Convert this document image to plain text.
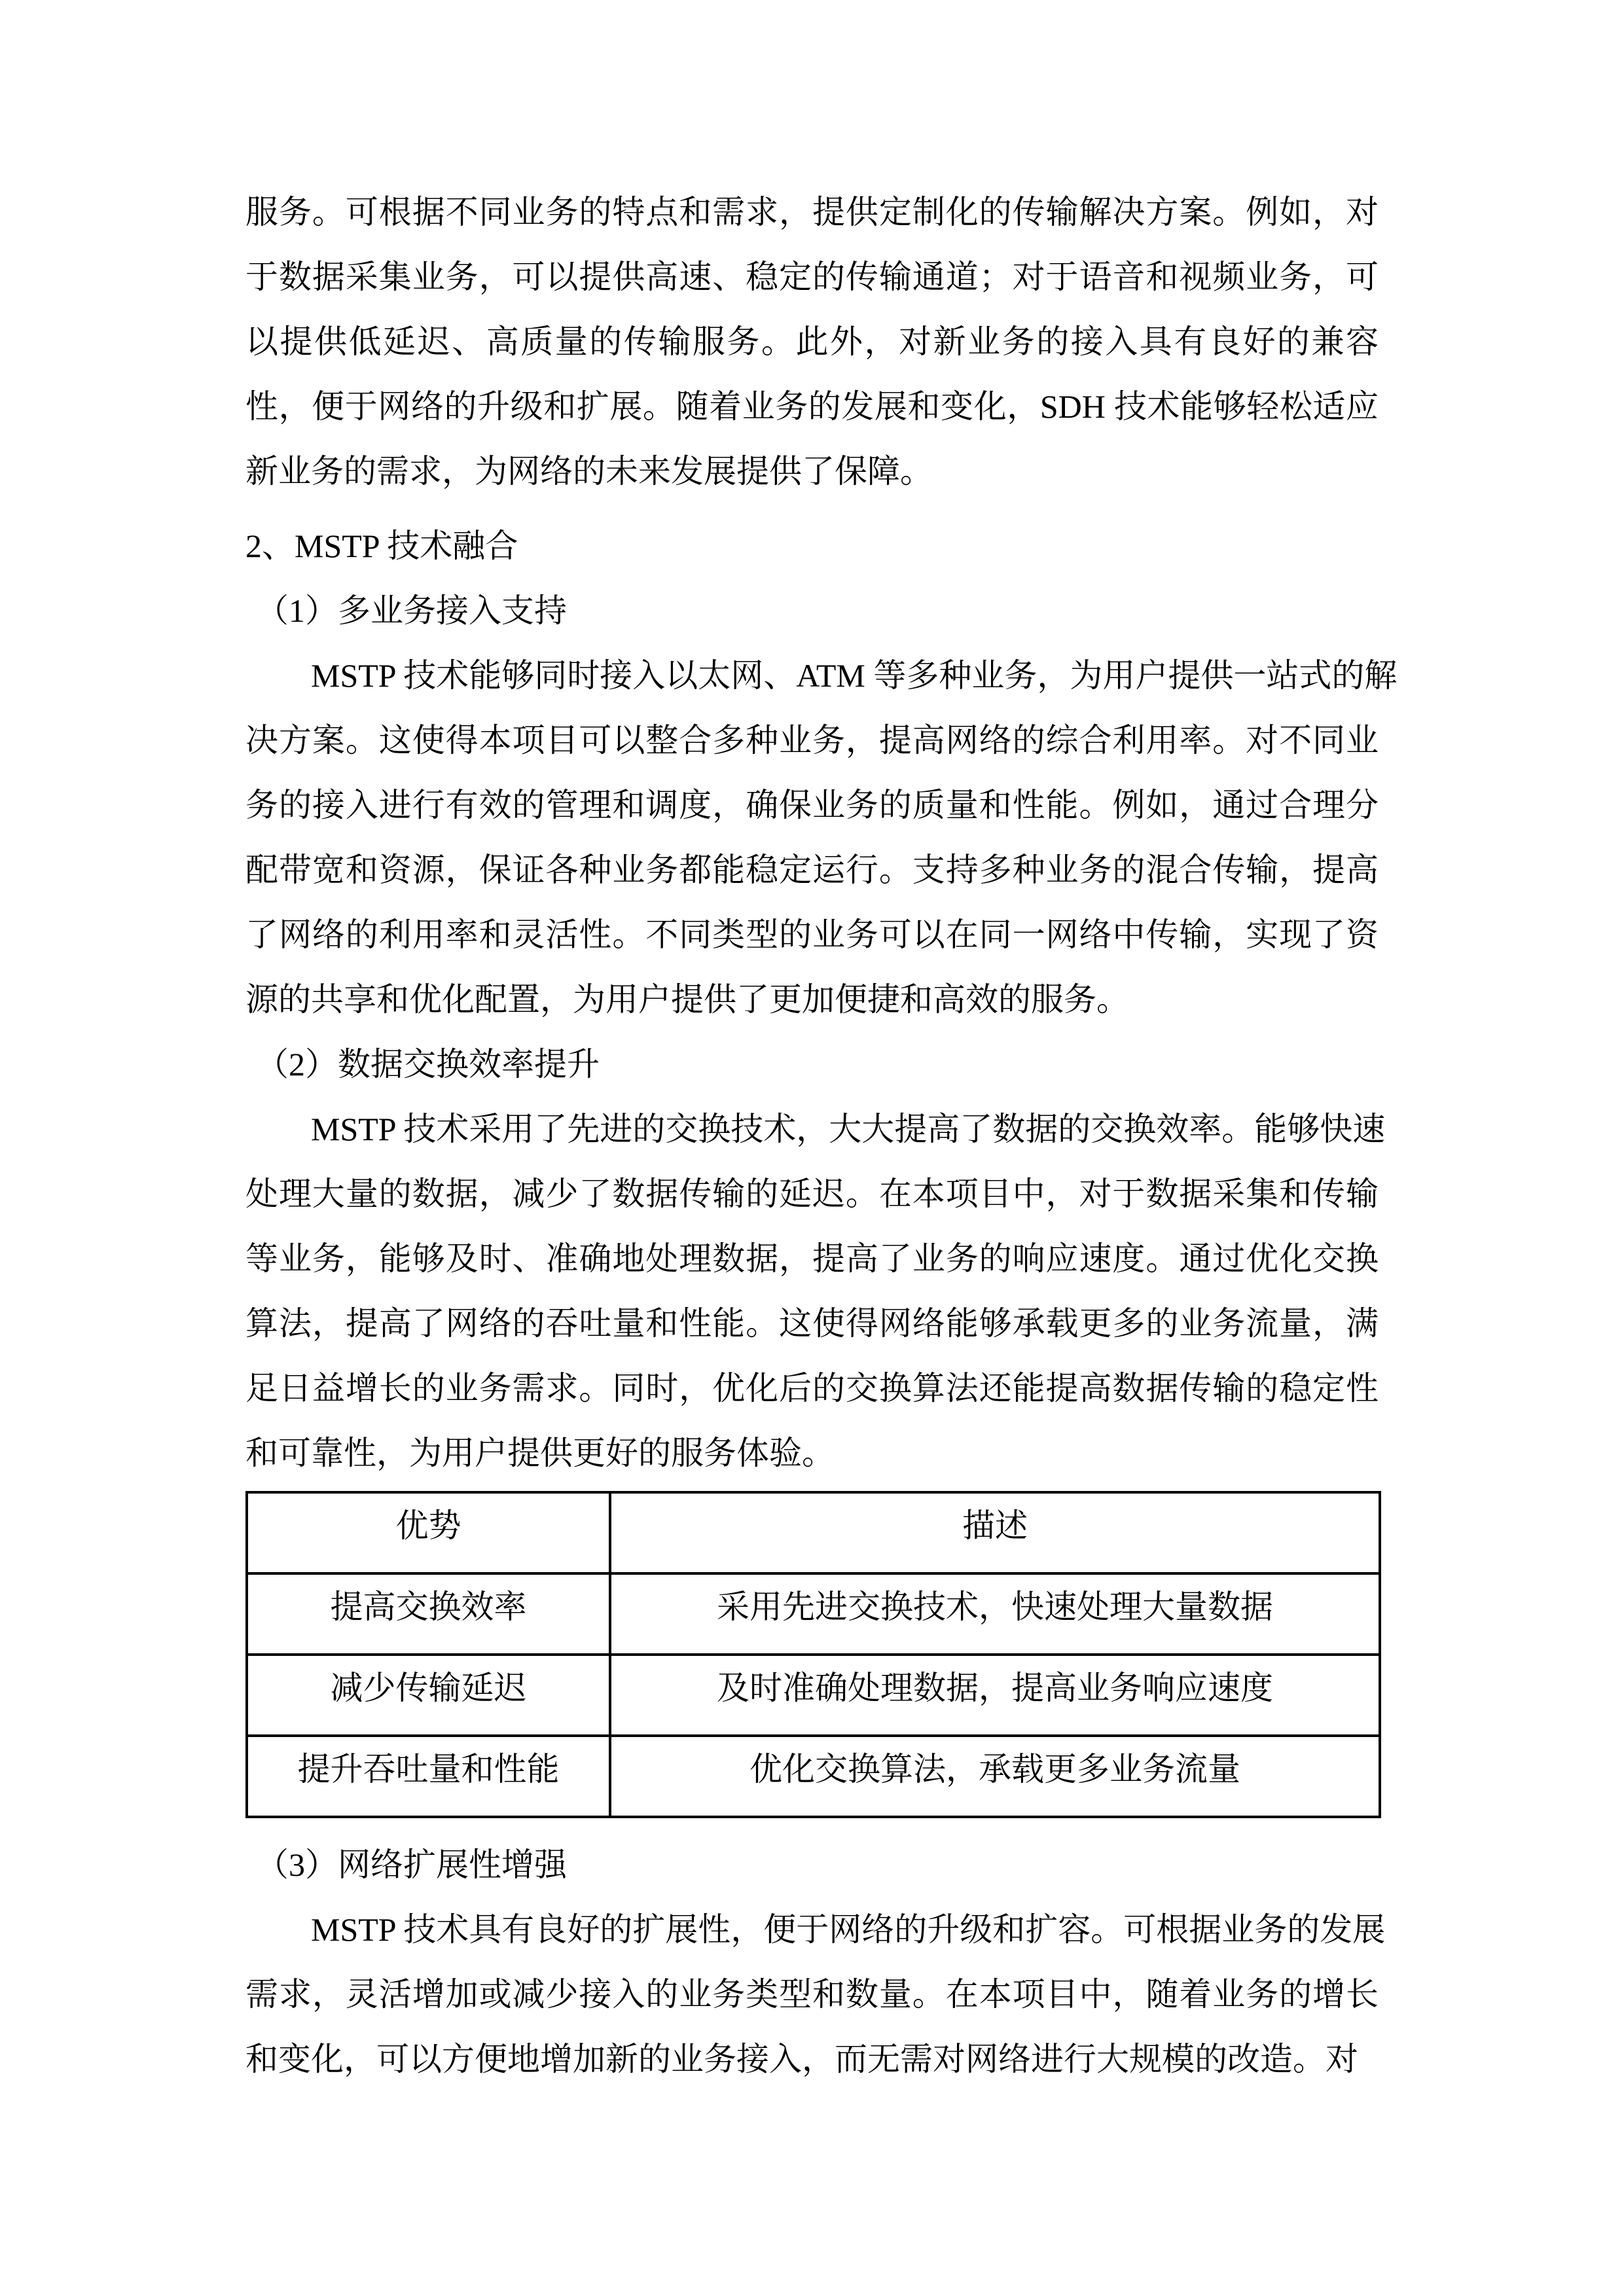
服务。可根据不同业务的特点和需求，提供定制化的传输解决方案。例如，对
于数据采集业务，可以提供高速、稳定的传输通道；对于语音和视频业务，可
以提供低延迟、高质量的传输服务。此外，对新业务的接入具有良好的兼容
性，便于网络的升级和扩展。随着业务的发展和变化，SDH 技术能够轻松适应
新业务的需求，为网络的未来发展提供了保障。
2、MSTP 技术融合
（1）多业务接入支持
MSTP 技术能够同时接入以太网、ATM 等多种业务，为用户提供一站式的解
决方案。这使得本项目可以整合多种业务，提高网络的综合利用率。对不同业
务的接入进行有效的管理和调度，确保业务的质量和性能。例如，通过合理分
配带宽和资源，保证各种业务都能稳定运行。支持多种业务的混合传输，提高
了网络的利用率和灵活性。不同类型的业务可以在同一网络中传输，实现了资
源的共享和优化配置，为用户提供了更加便捷和高效的服务。
（2）数据交换效率提升
MSTP 技术采用了先进的交换技术，大大提高了数据的交换效率。能够快速
处理大量的数据，减少了数据传输的延迟。在本项目中，对于数据采集和传输
等业务，能够及时、准确地处理数据，提高了业务的响应速度。通过优化交换
算法，提高了网络的吞吐量和性能。这使得网络能够承载更多的业务流量，满
足日益增长的业务需求。同时，优化后的交换算法还能提高数据传输的稳定性
和可靠性，为用户提供更好的服务体验。
优势	描述
提高交换效率	采用先进交换技术，快速处理大量数据
减少传输延迟	及时准确处理数据，提高业务响应速度
提升吞吐量和性能	优化交换算法，承载更多业务流量
（3）网络扩展性增强
MSTP 技术具有良好的扩展性，便于网络的升级和扩容。可根据业务的发展
需求，灵活增加或减少接入的业务类型和数量。在本项目中，随着业务的增长
和变化，可以方便地增加新的业务接入，而无需对网络进行大规模的改造。对
